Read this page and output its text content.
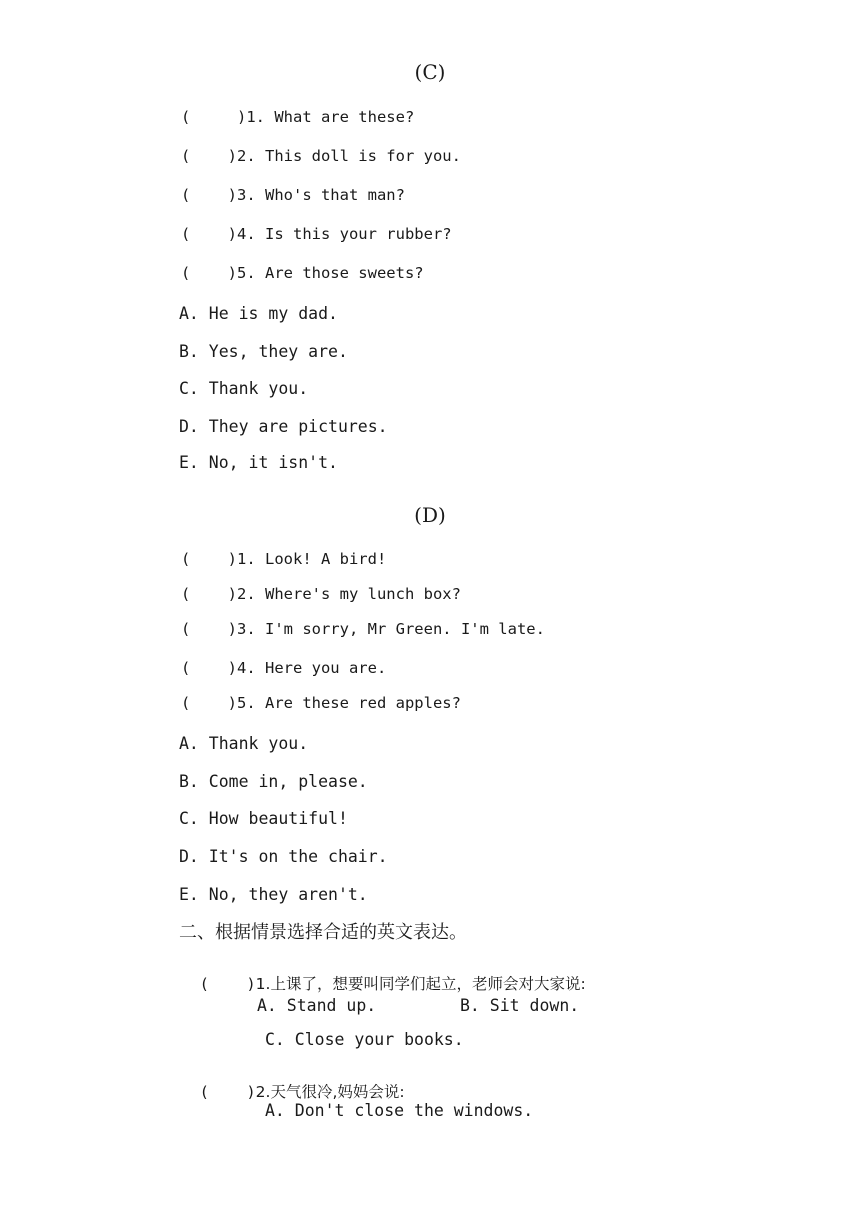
(C)
(     )1. What are these?
(    )2. This doll is for you.
(    )3. Who's that man?
(    )4. Is this your rubber?
(    )5. Are those sweets?
A. He is my dad.
B. Yes, they are.
C. Thank you.
D. They are pictures.
E. No, it isn't.
(D)
(    )1. Look! A bird!
(    )2. Where's my lunch box?
(    )3. I'm sorry, Mr Green. I'm late.
(    )4. Here you are.
(    )5. Are these red apples?
A. Thank you.
B. Come in, please.
C. How beautiful!
D. It's on the chair.
E. No, they aren't.
二、根据情景选择合适的英文表达。

(    )1.上课了，想要叫同学们起立，老师会对大家说:

A. Stand up.	B. Sit down.
C. Close your books.

(    )2.天气很冷,妈妈会说:

A. Don't close the windows.
